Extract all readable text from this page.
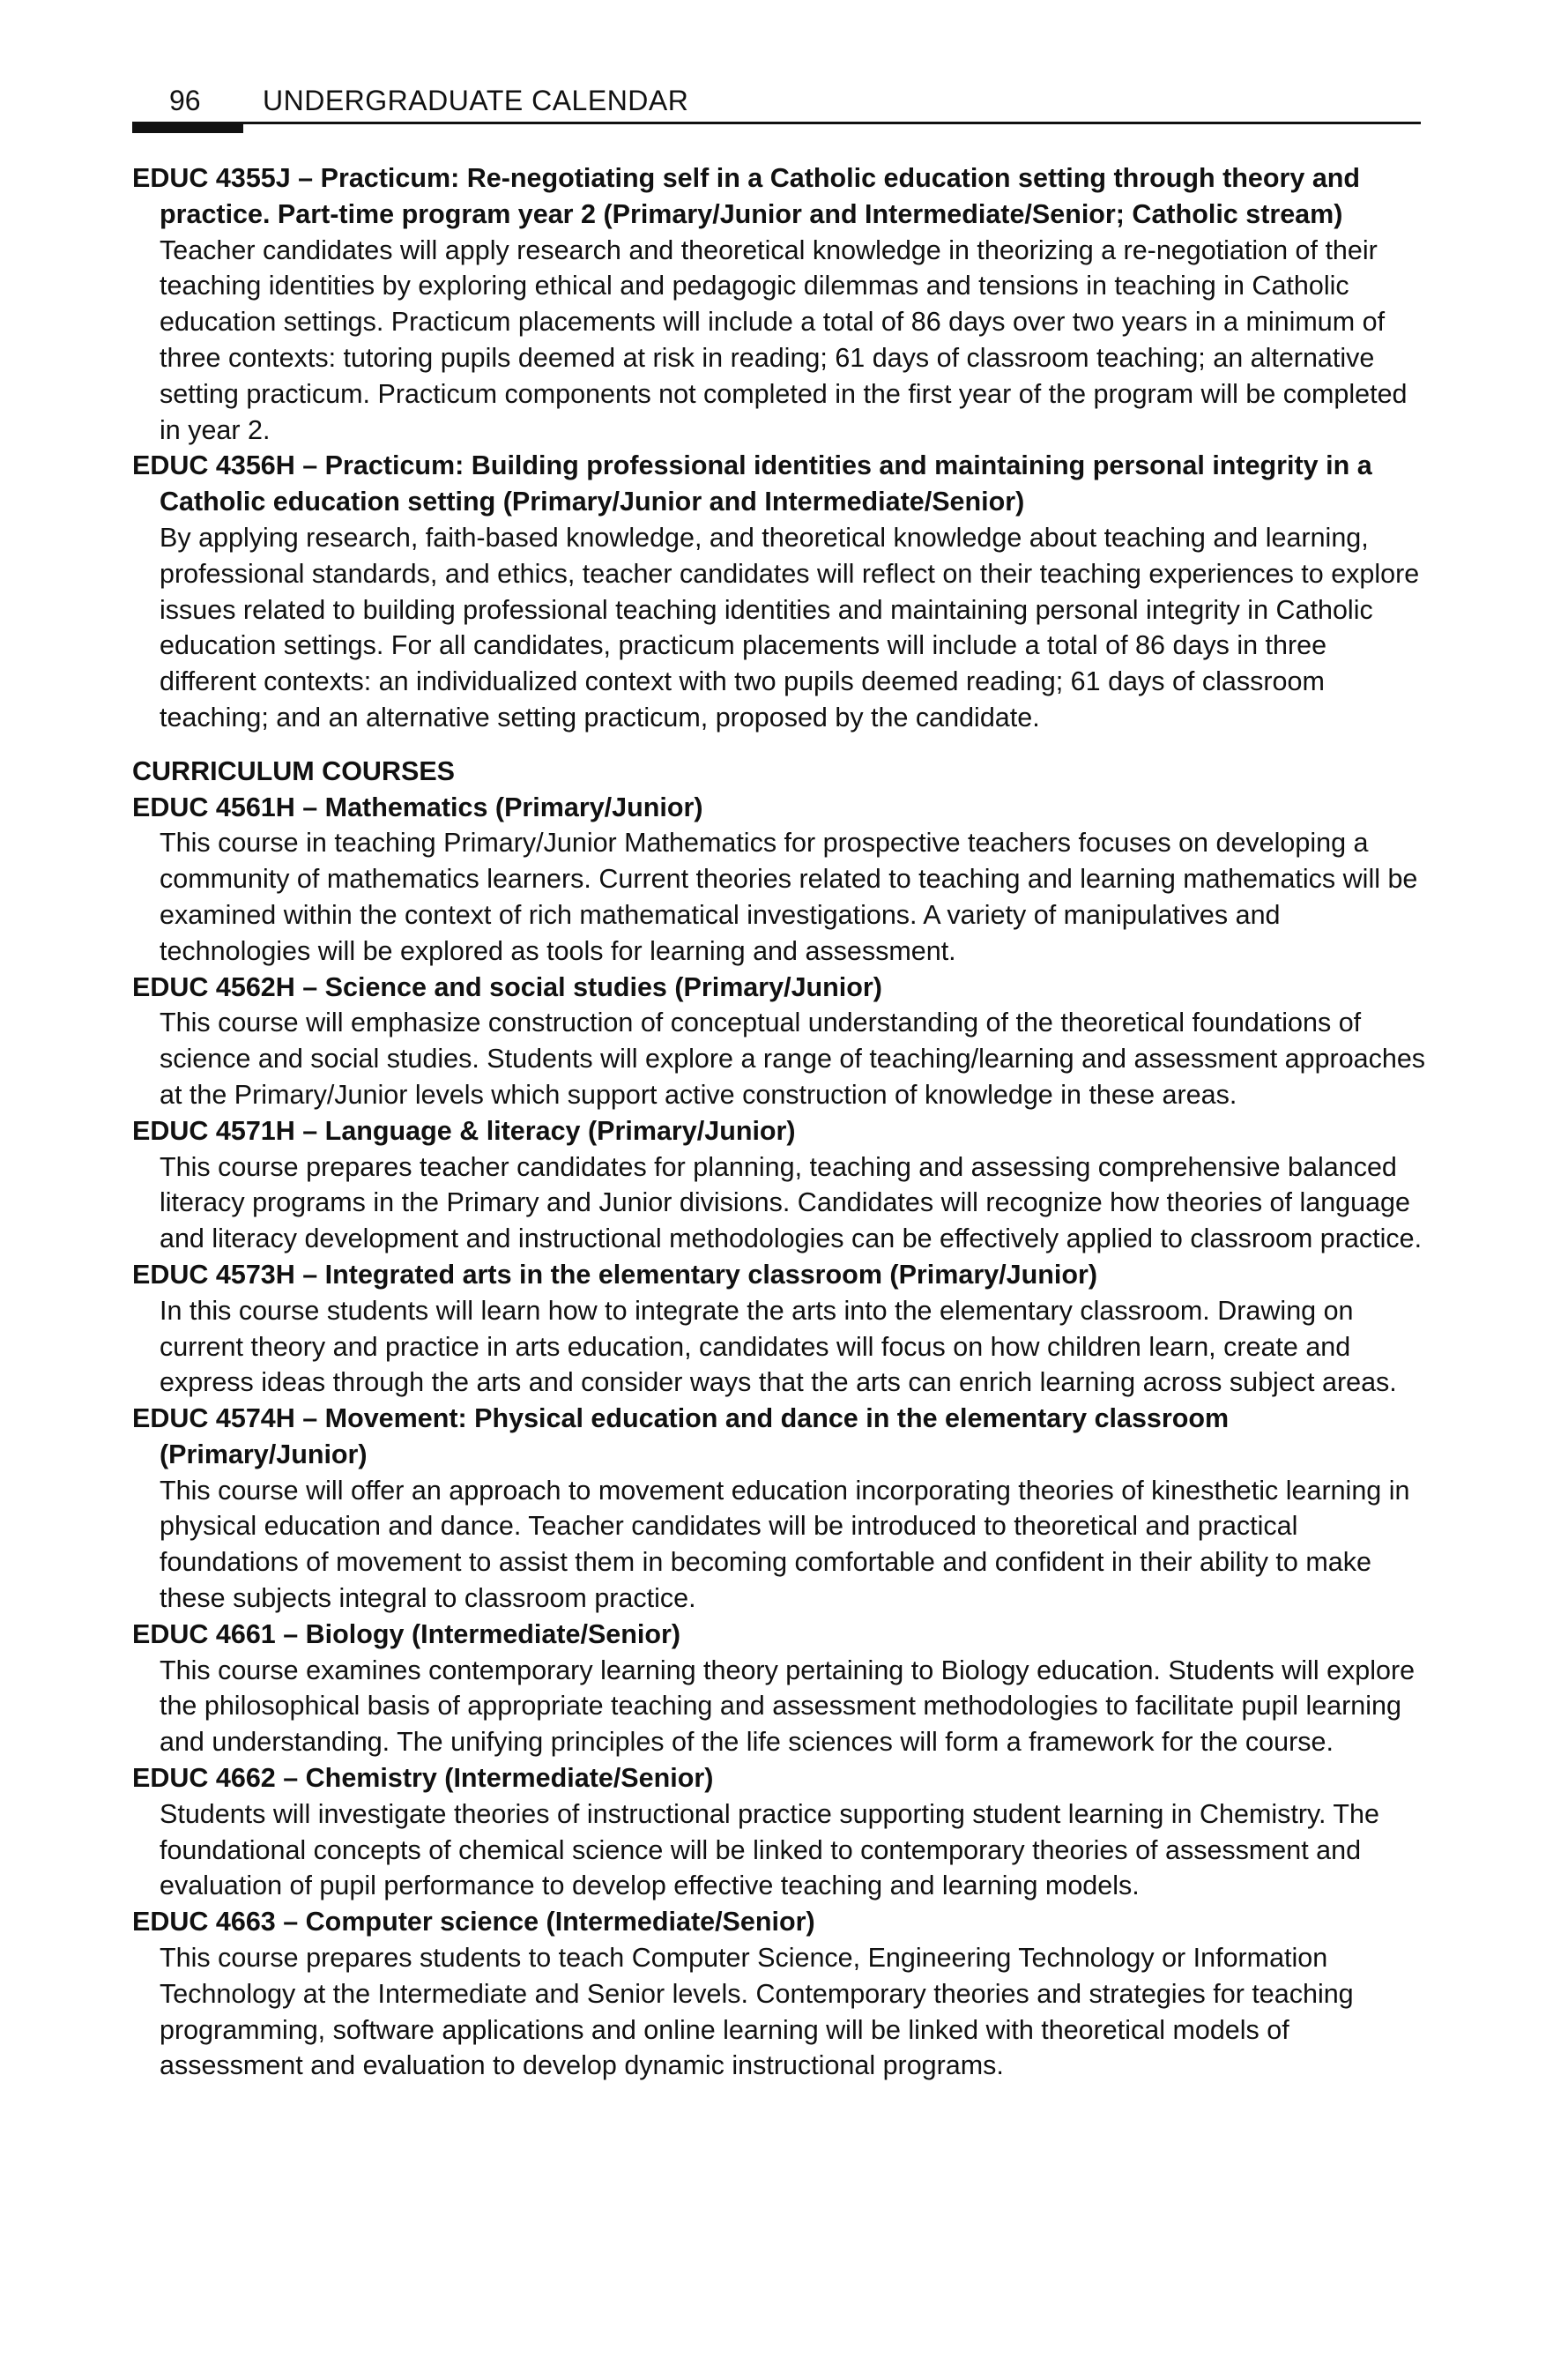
96 UNDERGRADUATE CALENDAR

EDUC 4355J – Practicum: Re-negotiating self in a Catholic education setting through theory and practice. Part-time program year 2 (Primary/Junior and Intermediate/Senior; Catholic stream)

Teacher candidates will apply research and theoretical knowledge in theorizing a re-negotiation of their teaching identities by exploring ethical and pedagogic dilemmas and tensions in teaching in Catholic education settings. Practicum placements will include a total of 86 days over two years in a minimum of three contexts: tutoring pupils deemed at risk in reading; 61 days of classroom teaching; an alternative setting practicum. Practicum components not completed in the first year of the program will be completed in year 2.

EDUC 4356H – Practicum: Building professional identities and maintaining personal integrity in a Catholic education setting (Primary/Junior and Intermediate/Senior)

By applying research, faith-based knowledge, and theoretical knowledge about teaching and learning, professional standards, and ethics, teacher candidates will reflect on their teaching experiences to explore issues related to building professional teaching identities and maintaining personal integrity in Catholic education settings. For all candidates, practicum placements will include a total of 86 days in three different contexts: an individualized context with two pupils deemed reading; 61 days of classroom teaching; and an alternative setting practicum, proposed by the candidate.

CURRICULUM COURSES

EDUC 4561H – Mathematics (Primary/Junior)

This course in teaching Primary/Junior Mathematics for prospective teachers focuses on developing a community of mathematics learners. Current theories related to teaching and learning mathematics will be examined within the context of rich mathematical investigations. A variety of manipulatives and technologies will be explored as tools for learning and assessment.

EDUC 4562H – Science and social studies (Primary/Junior)

This course will emphasize construction of conceptual understanding of the theoretical foundations of science and social studies. Students will explore a range of teaching/learning and assessment approaches at the Primary/Junior levels which support active construction of knowledge in these areas.

EDUC 4571H – Language & literacy (Primary/Junior)

This course prepares teacher candidates for planning, teaching and assessing comprehensive balanced literacy programs in the Primary and Junior divisions. Candidates will recognize how theories of language and literacy development and instructional methodologies can be effectively applied to classroom practice.

EDUC 4573H – Integrated arts in the elementary classroom (Primary/Junior)

In this course students will learn how to integrate the arts into the elementary classroom. Drawing on current theory and practice in arts education, candidates will focus on how children learn, create and express ideas through the arts and consider ways that the arts can enrich learning across subject areas.

EDUC 4574H – Movement: Physical education and dance in the elementary classroom (Primary/Junior)

This course will offer an approach to movement education incorporating theories of kinesthetic learning in physical education and dance. Teacher candidates will be introduced to theoretical and practical foundations of movement to assist them in becoming comfortable and confident in their ability to make these subjects integral to classroom practice.

EDUC 4661 – Biology (Intermediate/Senior)

This course examines contemporary learning theory pertaining to Biology education. Students will explore the philosophical basis of appropriate teaching and assessment methodologies to facilitate pupil learning and understanding. The unifying principles of the life sciences will form a framework for the course.

EDUC 4662 – Chemistry (Intermediate/Senior)

Students will investigate theories of instructional practice supporting student learning in Chemistry. The foundational concepts of chemical science will be linked to contemporary theories of assessment and evaluation of pupil performance to develop effective teaching and learning models.

EDUC 4663 – Computer science (Intermediate/Senior)

This course prepares students to teach Computer Science, Engineering Technology or Information Technology at the Intermediate and Senior levels. Contemporary theories and strategies for teaching programming, software applications and online learning will be linked with theoretical models of assessment and evaluation to develop dynamic instructional programs.
